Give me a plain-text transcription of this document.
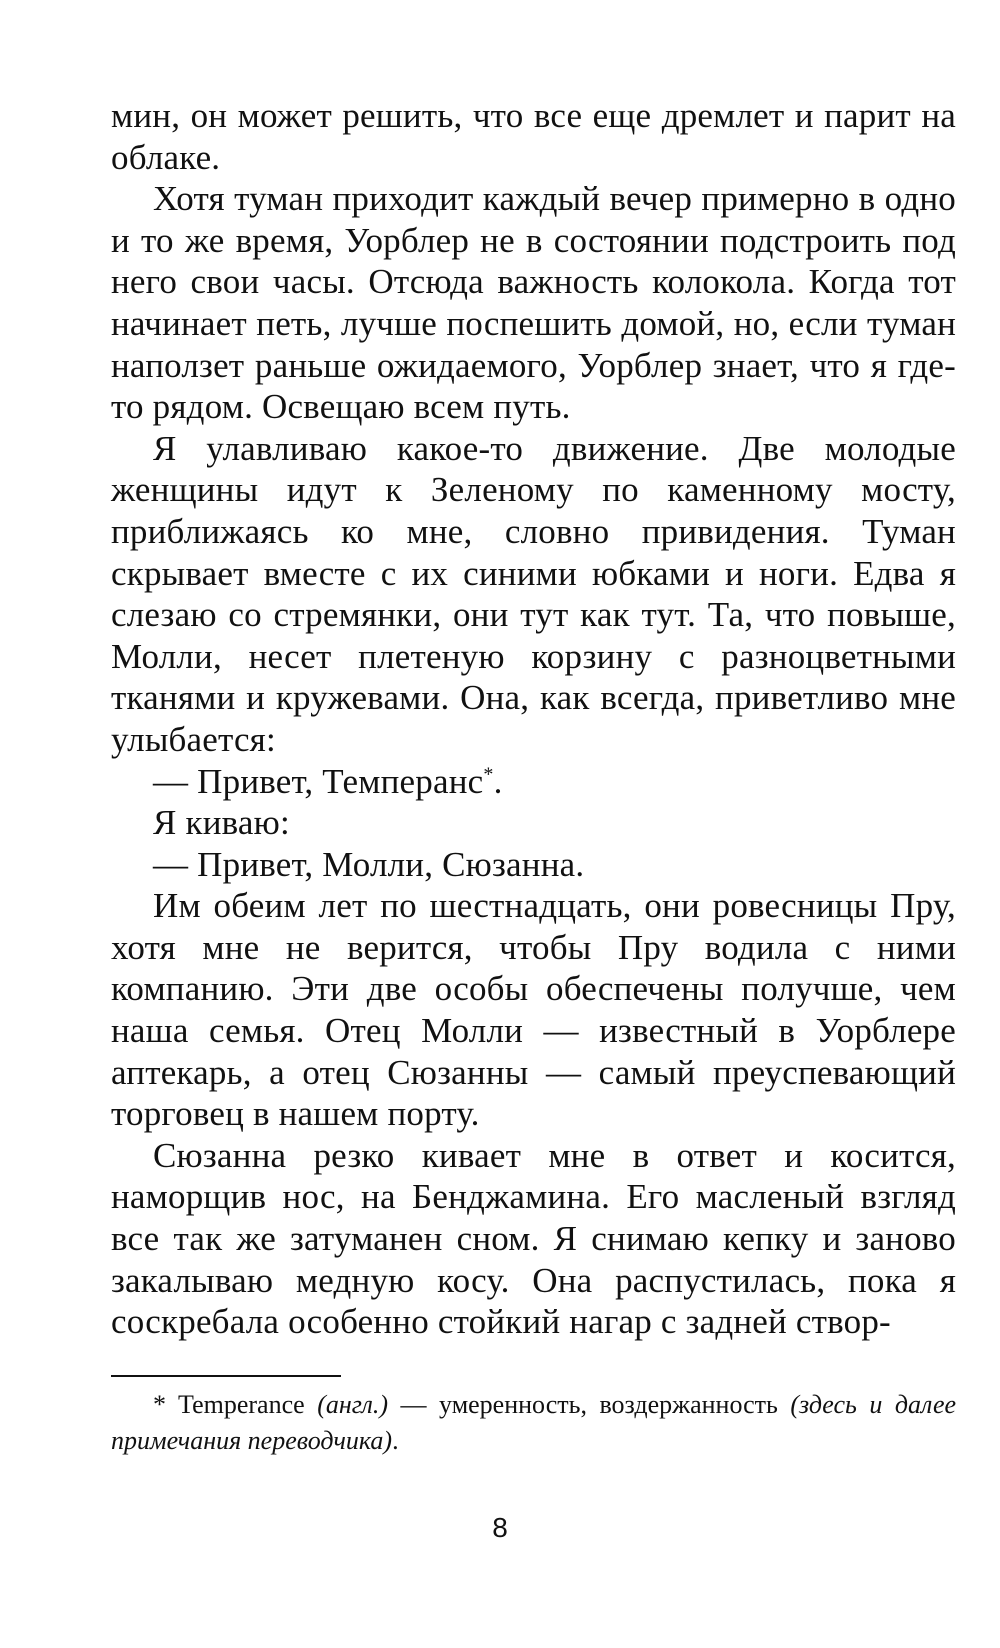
мин, он может решить, что все еще дремлет и парит на облаке.

Хотя туман приходит каждый вечер примерно в одно и то же время, Уорблер не в состоянии подстроить под него свои часы. Отсюда важность колокола. Когда тот начинает петь, лучше поспешить домой, но, если туман наползет раньше ожидаемого, Уорблер знает, что я где-то рядом. Освещаю всем путь.

Я улавливаю какое-то движение. Две молодые женщины идут к Зеленому по каменному мосту, приближаясь ко мне, словно привидения. Туман скрывает вместе с их синими юбками и ноги. Едва я слезаю со стремянки, они тут как тут. Та, что повыше, Молли, несет плетеную корзину с разноцветными тканями и кружевами. Она, как всегда, приветливо мне улыбается:

— Привет, Темперанс*.

Я киваю:

— Привет, Молли, Сюзанна.

Им обеим лет по шестнадцать, они ровесницы Пру, хотя мне не верится, чтобы Пру водила с ними компанию. Эти две особы обеспечены получше, чем наша семья. Отец Молли — известный в Уорблере аптекарь, а отец Сюзанны — самый преуспевающий торговец в нашем порту.

Сюзанна резко кивает мне в ответ и косится, наморщив нос, на Бенджамина. Его масленый взгляд все так же затуманен сном. Я снимаю кепку и заново закалываю медную косу. Она распустилась, пока я соскребала особенно стойкий нагар с задней створ-

* Temperance (англ.) — умеренность, воздержанность (здесь и далее примечания переводчика).

8
